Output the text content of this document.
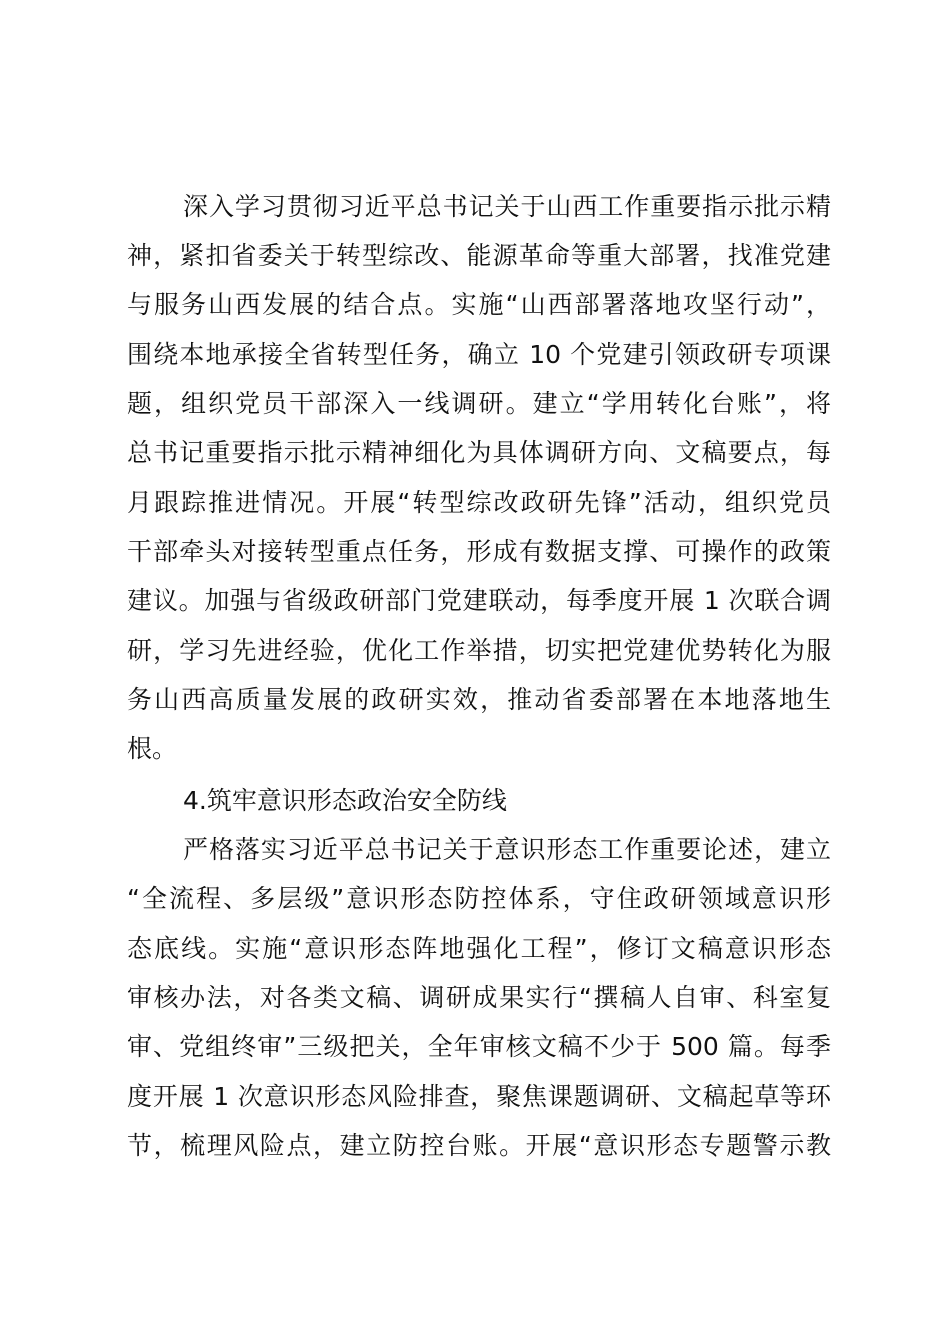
深入学习贯彻习近平总书记关于山西工作重要指示批示精
神，紧扣省委关于转型综改、能源革命等重大部署，找准党建
与服务山西发展的结合点。实施“山西部署落地攻坚行动”，
围绕本地承接全省转型任务，确立 10 个党建引领政研专项课
题，组织党员干部深入一线调研。建立“学用转化台账”，将
总书记重要指示批示精神细化为具体调研方向、文稿要点，每
月跟踪推进情况。开展“转型综改政研先锋”活动，组织党员
干部牵头对接转型重点任务，形成有数据支撑、可操作的政策
建议。加强与省级政研部门党建联动，每季度开展 1 次联合调
研，学习先进经验，优化工作举措，切实把党建优势转化为服
务山西高质量发展的政研实效，推动省委部署在本地落地生
根。
4.筑牢意识形态政治安全防线
严格落实习近平总书记关于意识形态工作重要论述，建立
“全流程、多层级”意识形态防控体系，守住政研领域意识形
态底线。实施“意识形态阵地强化工程”，修订文稿意识形态
审核办法，对各类文稿、调研成果实行“撰稿人自审、科室复
审、党组终审”三级把关，全年审核文稿不少于 500 篇。每季
度开展 1 次意识形态风险排查，聚焦课题调研、文稿起草等环
节，梳理风险点，建立防控台账。开展“意识形态专题警示教
